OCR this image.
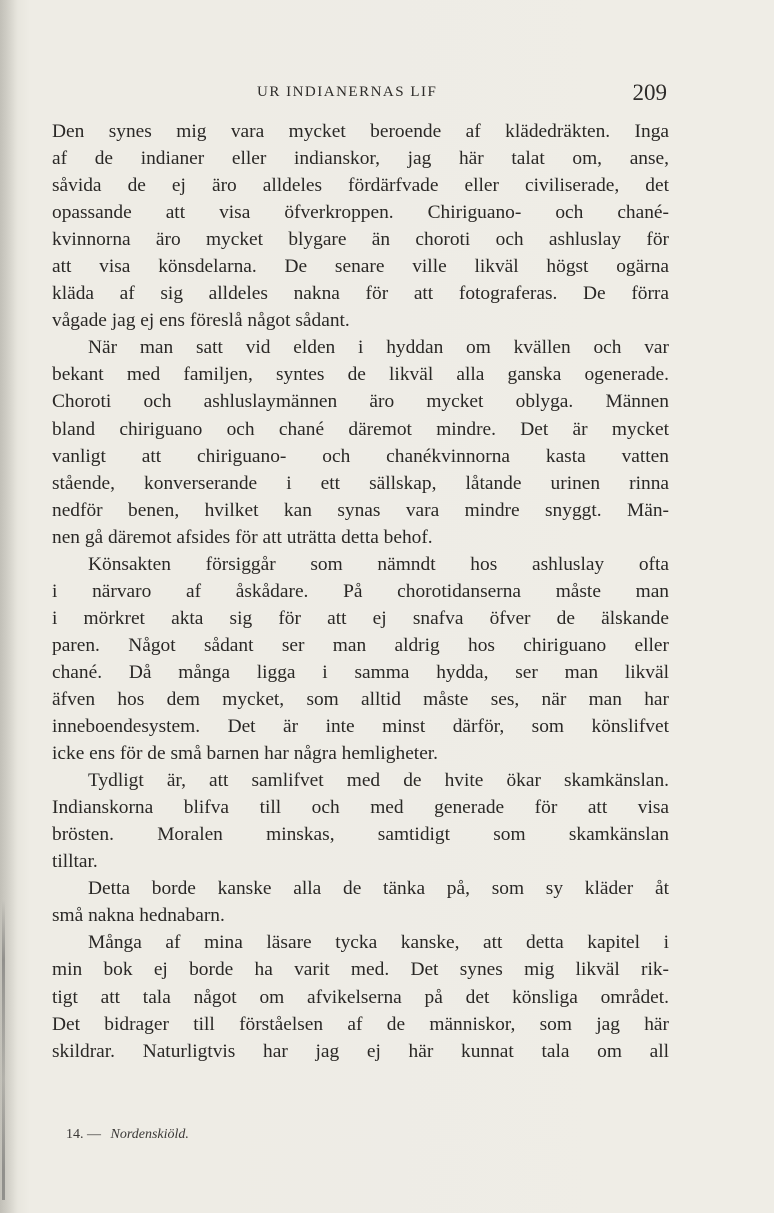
UR INDIANERNAS LIF	209
Den synes mig vara mycket beroende af klädedräkten. Inga
af de indianer eller indianskor, jag här talat om, anse,
såvida de ej äro alldeles fördärfvade eller civiliserade, det
opassande att visa öfverkroppen. Chiriguano- och chané-
kvinnorna äro mycket blygare än choroti och ashluslay för
att visa könsdelarna. De senare ville likväl högst ogärna
kläda af sig alldeles nakna för att fotograferas. De förra
vågade jag ej ens föreslå något sådant.
När man satt vid elden i hyddan om kvällen och var
bekant med familjen, syntes de likväl alla ganska ogenerade.
Choroti och ashluslaymännen äro mycket oblyga. Männen
bland chiriguano och chané däremot mindre. Det är mycket
vanligt att chiriguano- och chanékvinnorna kasta vatten
stående, konverserande i ett sällskap, låtande urinen rinna
nedför benen, hvilket kan synas vara mindre snyggt. Män-
nen gå däremot afsides för att uträtta detta behof.
Könsakten försiggår som nämndt hos ashluslay ofta
i närvaro af åskådare. På chorotidanserna måste man
i mörkret akta sig för att ej snafva öfver de älskande
paren. Något sådant ser man aldrig hos chiriguano eller
chané. Då många ligga i samma hydda, ser man likväl
äfven hos dem mycket, som alltid måste ses, när man har
inneboendesystem. Det är inte minst därför, som könslifvet
icke ens för de små barnen har några hemligheter.
Tydligt är, att samlifvet med de hvite ökar skamkänslan.
Indianskorna blifva till och med generade för att visa
brösten. Moralen minskas, samtidigt som skamkänslan
tilltar.
Detta borde kanske alla de tänka på, som sy kläder åt
små nakna hednabarn.
Många af mina läsare tycka kanske, att detta kapitel i
min bok ej borde ha varit med. Det synes mig likväl rik-
tigt att tala något om afvikelserna på det könsliga området.
Det bidrager till förståelsen af de människor, som jag här
skildrar. Naturligtvis har jag ej här kunnat tala om all
14. — Nordenskiöld.
